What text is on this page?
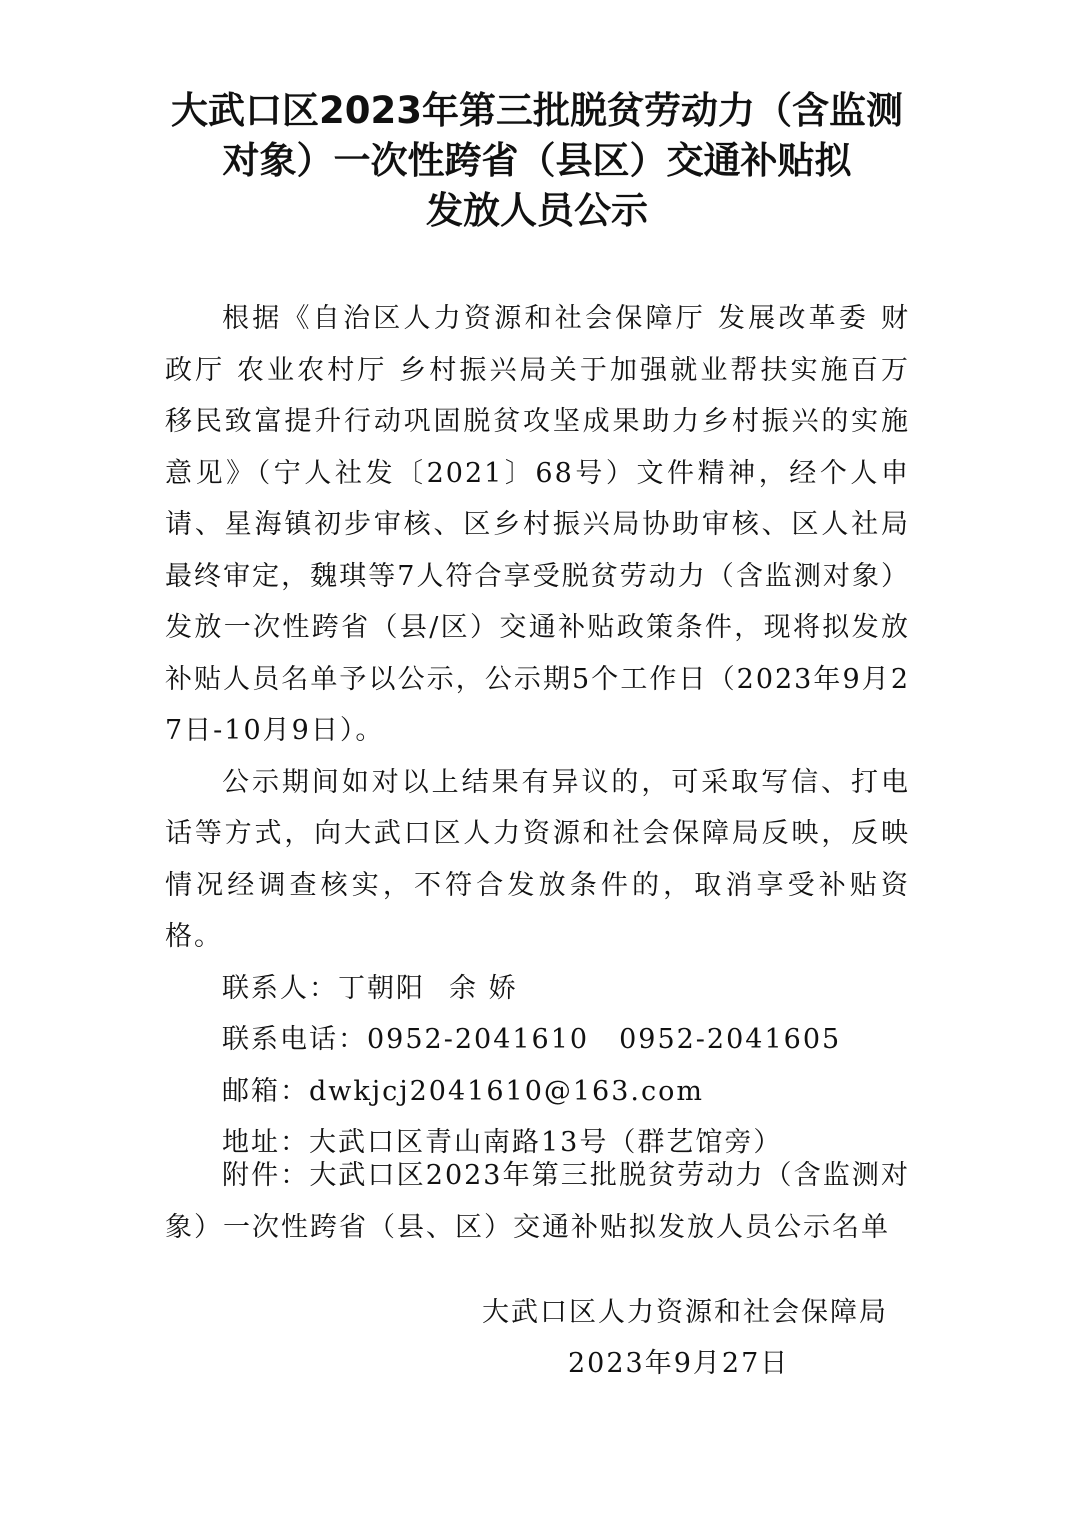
大武口区2023年第三批脱贫劳动力（含监测
对象）一次性跨省（县区）交通补贴拟
发放人员公示

根据《自治区人力资源和社会保障厅 发展改革委 财政厅 农业农村厅 乡村振兴局关于加强就业帮扶实施百万移民致富提升行动巩固脱贫攻坚成果助力乡村振兴的实施意见》（宁人社发〔2021〕68号）文件精神，经个人申请、星海镇初步审核、区乡村振兴局协助审核、区人社局最终审定，魏琪等7人符合享受脱贫劳动力（含监测对象）发放一次性跨省（县/区）交通补贴政策条件，现将拟发放补贴人员名单予以公示，公示期5个工作日（2023年9月27日-10月9日）。

公示期间如对以上结果有异议的，可采取写信、打电话等方式，向大武口区人力资源和社会保障局反映，反映情况经调查核实，不符合发放条件的，取消享受补贴资格。

联系人：丁朝阳 余 娇

联系电话：0952-2041610 0952-2041605

邮箱：dwkjcj2041610@163.com

地址：大武口区青山南路13号（群艺馆旁）

附件：大武口区2023年第三批脱贫劳动力（含监测对象）一次性跨省（县、区）交通补贴拟发放人员公示名单

大武口区人力资源和社会保障局
2023年9月27日
